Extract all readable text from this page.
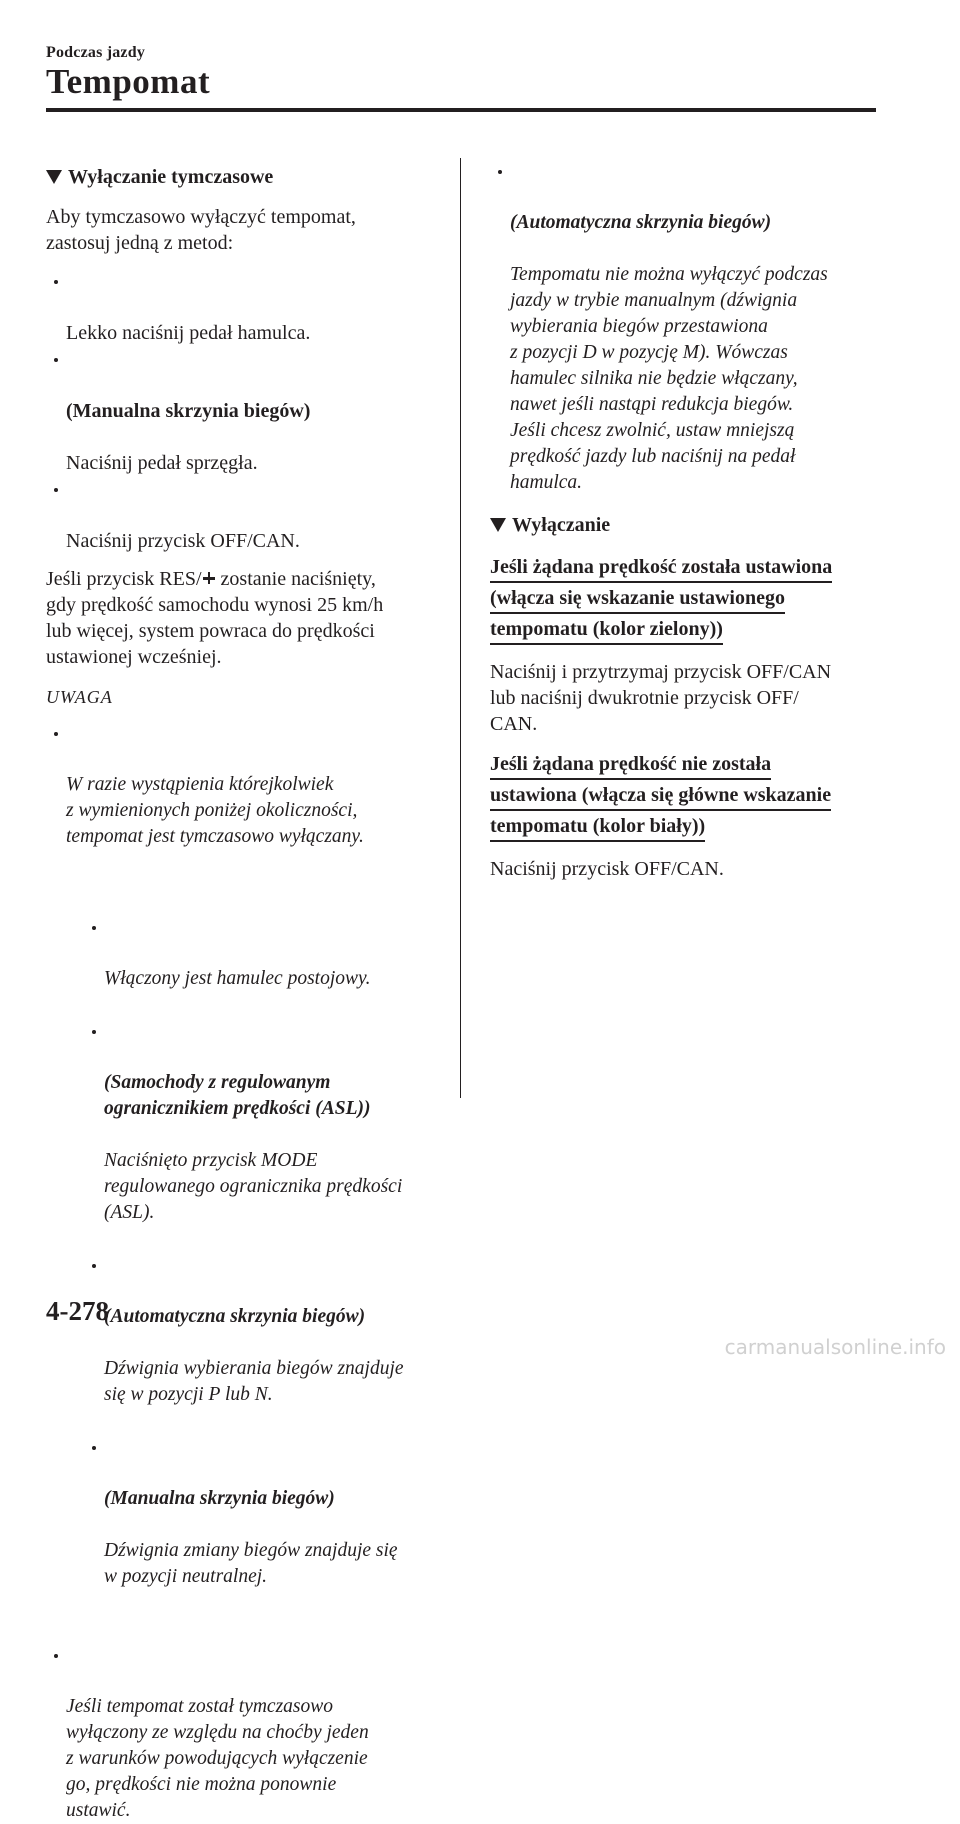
Podczas jazdy
Tempomat
Wyłączanie tymczasowe

Aby tymczasowo wyłączyć tempomat,
zastosuj jedną z metod:

Lekko naciśnij pedał hamulca.

(Manualna skrzynia biegów)

Naciśnij pedał sprzęgła.

Naciśnij przycisk OFF/CAN.

Jeśli przycisk RES/ zostanie naciśnięty,
gdy prędkość samochodu wynosi 25 km/h
lub więcej, system powraca do prędkości
ustawionej wcześniej.

UWAGA

W razie wystąpienia którejkolwiek
z wymienionych poniżej okoliczności,
tempomat jest tymczasowo wyłączany.

Włączony jest hamulec postojowy.

(Samochody z regulowanym
ogranicznikiem prędkości (ASL))

Naciśnięto przycisk MODE
regulowanego ogranicznika prędkości
(ASL).

(Automatyczna skrzynia biegów)

Dźwignia wybierania biegów znajduje
się w pozycji P lub N.

(Manualna skrzynia biegów)

Dźwignia zmiany biegów znajduje się
w pozycji neutralnej.

Jeśli tempomat został tymczasowo
wyłączony ze względu na choćby jeden
z warunków powodujących wyłączenie
go, prędkości nie można ponownie
ustawić.

(Automatyczna skrzynia biegów)

Tempomatu nie można wyłączyć podczas
jazdy w trybie manualnym (dźwignia
wybierania biegów przestawiona
z pozycji D w pozycję M). Wówczas
hamulec silnika nie będzie włączany,
nawet jeśli nastąpi redukcja biegów.
Jeśli chcesz zwolnić, ustaw mniejszą
prędkość jazdy lub naciśnij na pedał
hamulca.

Wyłączanie
Jeśli żądana prędkość została ustawiona
(włącza się wskazanie ustawionego
tempomatu (kolor zielony))

Naciśnij i przytrzymaj przycisk OFF/CAN
lub naciśnij dwukrotnie przycisk OFF/
CAN.

Jeśli żądana prędkość nie została
ustawiona (włącza się główne wskazanie
tempomatu (kolor biały))

Naciśnij przycisk OFF/CAN.

4-278
carmanualsonline.info
